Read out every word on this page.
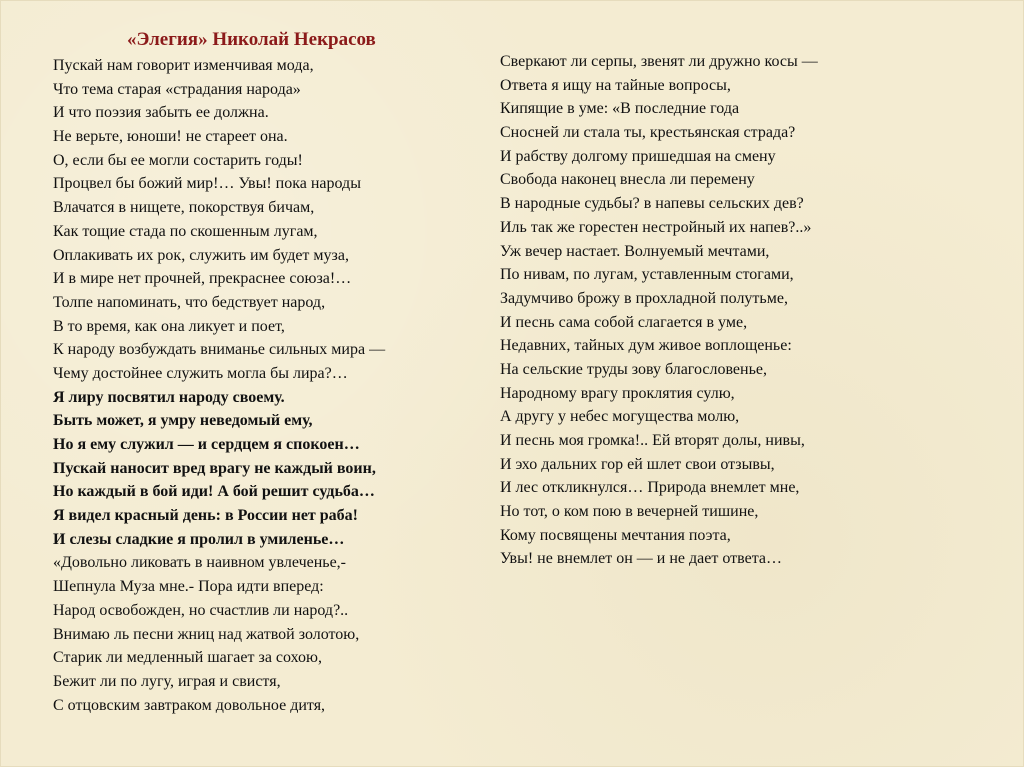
«Элегия» Николай Некрасов
Пускай нам говорит изменчивая мода,
Что тема старая «страдания народа»
И что поэзия забыть ее должна.
Не верьте, юноши! не стареет она.
О, если бы ее могли состарить годы!
Процвел бы божий мир!… Увы! пока народы
Влачатся в нищете, покорствуя бичам,
Как тощие стада по скошенным лугам,
Оплакивать их рок, служить им будет муза,
И в мире нет прочней, прекраснее союза!…
Толпе напоминать, что бедствует народ,
В то время, как она ликует и поет,
К народу возбуждать вниманье сильных мира —
Чему достойнее служить могла бы лира?…
Я лиру посвятил народу своему.
Быть может, я умру неведомый ему,
Но я ему служил — и сердцем я спокоен…
Пускай наносит вред врагу не каждый воин,
Но каждый в бой иди! А бой решит судьба…
Я видел красный день: в России нет раба!
И слезы сладкие я пролил в умиленье…
«Довольно ликовать в наивном увлеченье,-
Шепнула Муза мне.- Пора идти вперед:
Народ освобожден, но счастлив ли народ?..
Внимаю ль песни жниц над жатвой золотою,
Старик ли медленный шагает за сохою,
Бежит ли по лугу, играя и свистя,
С отцовским завтраком довольное дитя,
Сверкают ли серпы, звенят ли дружно косы —
Ответа я ищу на тайные вопросы,
Кипящие в уме: «В последние года
Сносней ли стала ты, крестьянская страда?
И рабству долгому пришедшая на смену
Свобода наконец внесла ли перемену
В народные судьбы? в напевы сельских дев?
Иль так же горестен нестройный их напев?..»
Уж вечер настает. Волнуемый мечтами,
По нивам, по лугам, уставленным стогами,
Задумчиво брожу в прохладной полутьме,
И песнь сама собой слагается в уме,
Недавних, тайных дум живое воплощенье:
На сельские труды зову благословенье,
Народному врагу проклятия сулю,
А другу у небес могущества молю,
И песнь моя громка!.. Ей вторят долы, нивы,
И эхо дальних гор ей шлет свои отзывы,
И лес откликнулся… Природа внемлет мне,
Но тот, о ком пою в вечерней тишине,
Кому посвящены мечтания поэта,
Увы! не внемлет он — и не дает ответа…
